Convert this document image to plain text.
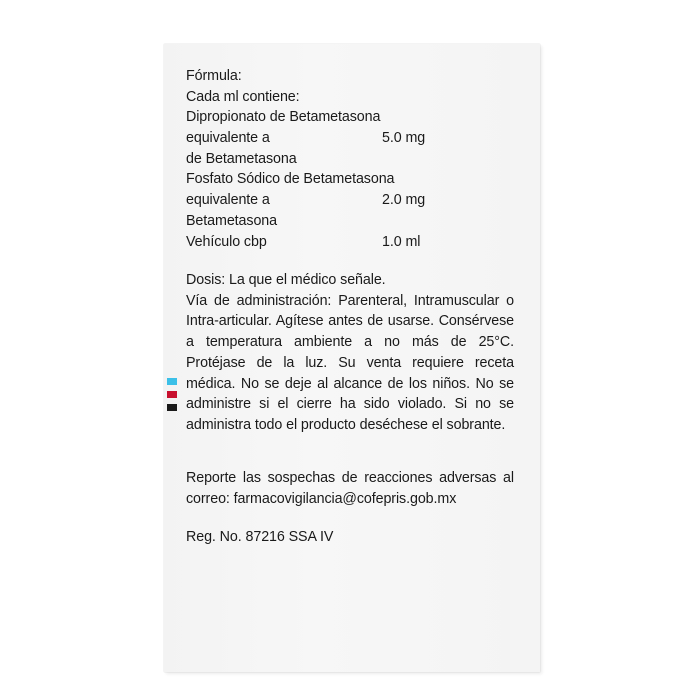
Fórmula:
Cada ml contiene:
Dipropionato de Betametasona
equivalente a	5.0 mg
de Betametasona
Fosfato Sódico de Betametasona
equivalente a	2.0 mg
Betametasona
Vehículo cbp	1.0 ml

Dosis: La que el médico señale.

Vía de administración: Parenteral, Intramuscular o Intra-articular. Agítese antes de usarse. Consérvese a temperatura ambiente a no más de 25°C. Protéjase de la luz. Su venta requiere receta médica. No se deje al alcance de los niños. No se administre si el cierre ha sido violado. Si no se administra todo el producto deséchese el sobrante.

Reporte las sospechas de reacciones adversas al correo: farmacovigilancia@cofepris.gob.mx
Reg. No. 87216 SSA IV
